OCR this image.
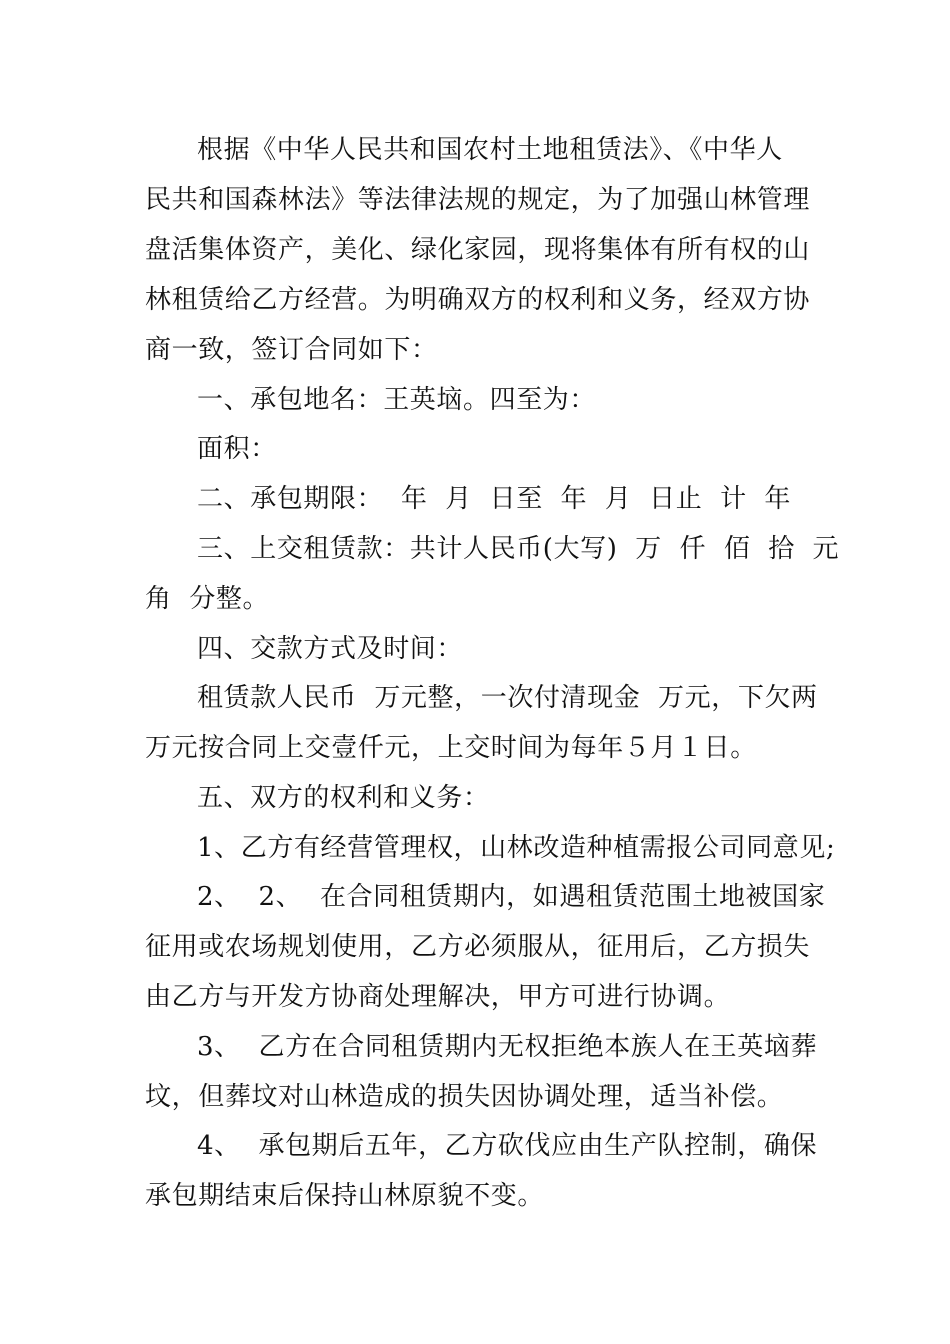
根据《中华人民共和国农村土地租赁法》、《中华人
民共和国森林法》等法律法规的规定，为了加强山林管理
盘活集体资产，美化、绿化家园，现将集体有所有权的山
林租赁给乙方经营。为明确双方的权利和义务，经双方协
商一致，签订合同如下：
一、承包地名：王英垴。四至为：
面积：
二、承包期限：  年  月  日至  年  月  日止  计  年
三、上交租赁款：共计人民币(大写)  万  仟  佰  拾  元
角  分整。
四、交款方式及时间：
租赁款人民币  万元整，一次付清现金  万元，下欠两
万元按合同上交壹仟元，上交时间为每年５月１日。
五、双方的权利和义务：
1、乙方有经营管理权，山林改造种植需报公司同意见;
2、  2、  在合同租赁期内，如遇租赁范围土地被国家
征用或农场规划使用，乙方必须服从，征用后，乙方损失
由乙方与开发方协商处理解决，甲方可进行协调。
3、  乙方在合同租赁期内无权拒绝本族人在王英垴葬
坟，但葬坟对山林造成的损失因协调处理，适当补偿。
4、  承包期后五年，乙方砍伐应由生产队控制，确保
承包期结束后保持山林原貌不变。
